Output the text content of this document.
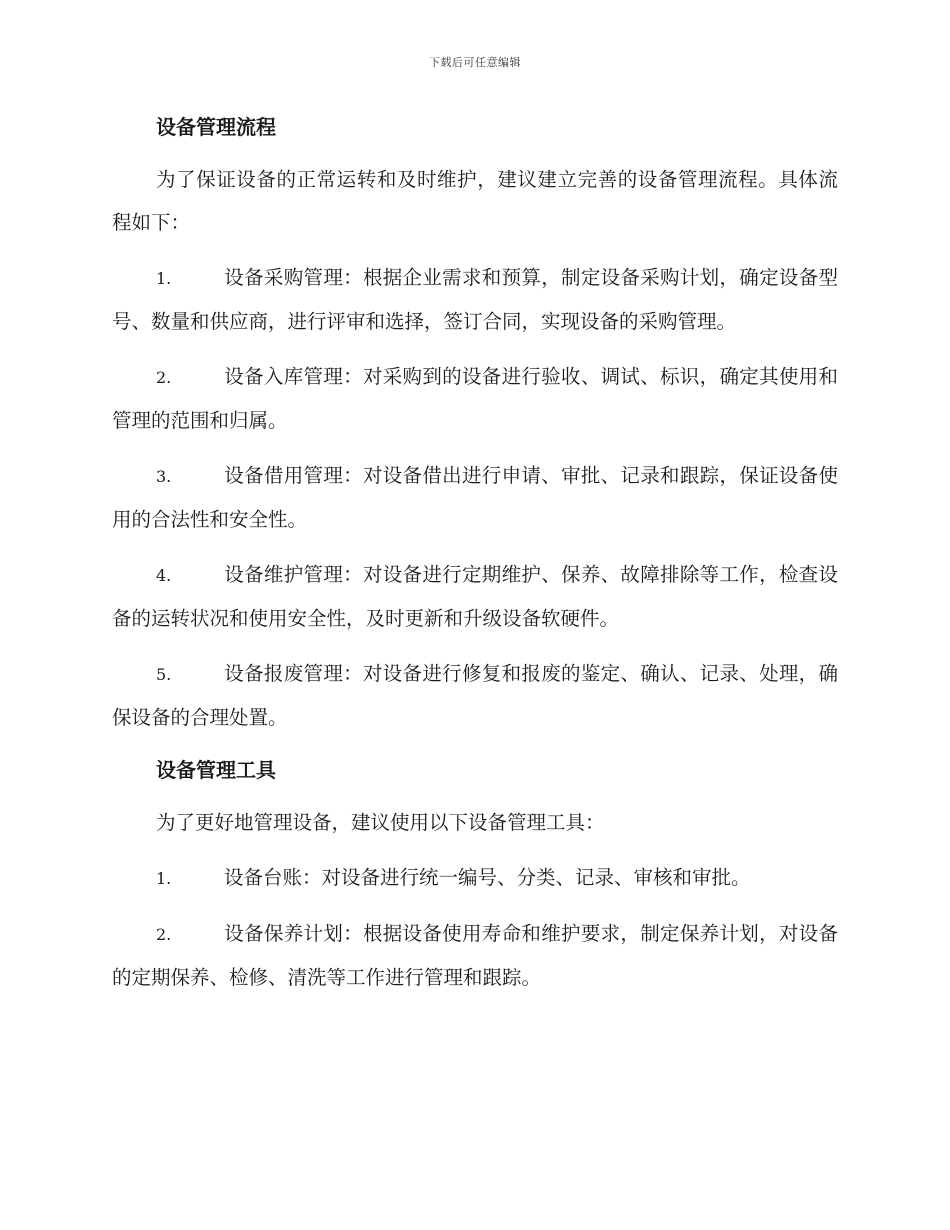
下载后可任意编辑
设备管理流程

为了保证设备的正常运转和及时维护，建议建立完善的设备管理流程。具体流程如下：

1.	设备采购管理：根据企业需求和预算，制定设备采购计划，确定设备型号、数量和供应商，进行评审和选择，签订合同，实现设备的采购管理。

2.	设备入库管理：对采购到的设备进行验收、调试、标识，确定其使用和管理的范围和归属。

3.	设备借用管理：对设备借出进行申请、审批、记录和跟踪，保证设备使用的合法性和安全性。

4.	设备维护管理：对设备进行定期维护、保养、故障排除等工作，检查设备的运转状况和使用安全性，及时更新和升级设备软硬件。

5.	设备报废管理：对设备进行修复和报废的鉴定、确认、记录、处理，确保设备的合理处置。

设备管理工具

为了更好地管理设备，建议使用以下设备管理工具：

1.	设备台账：对设备进行统一编号、分类、记录、审核和审批。

2.	设备保养计划：根据设备使用寿命和维护要求，制定保养计划，对设备的定期保养、检修、清洗等工作进行管理和跟踪。
